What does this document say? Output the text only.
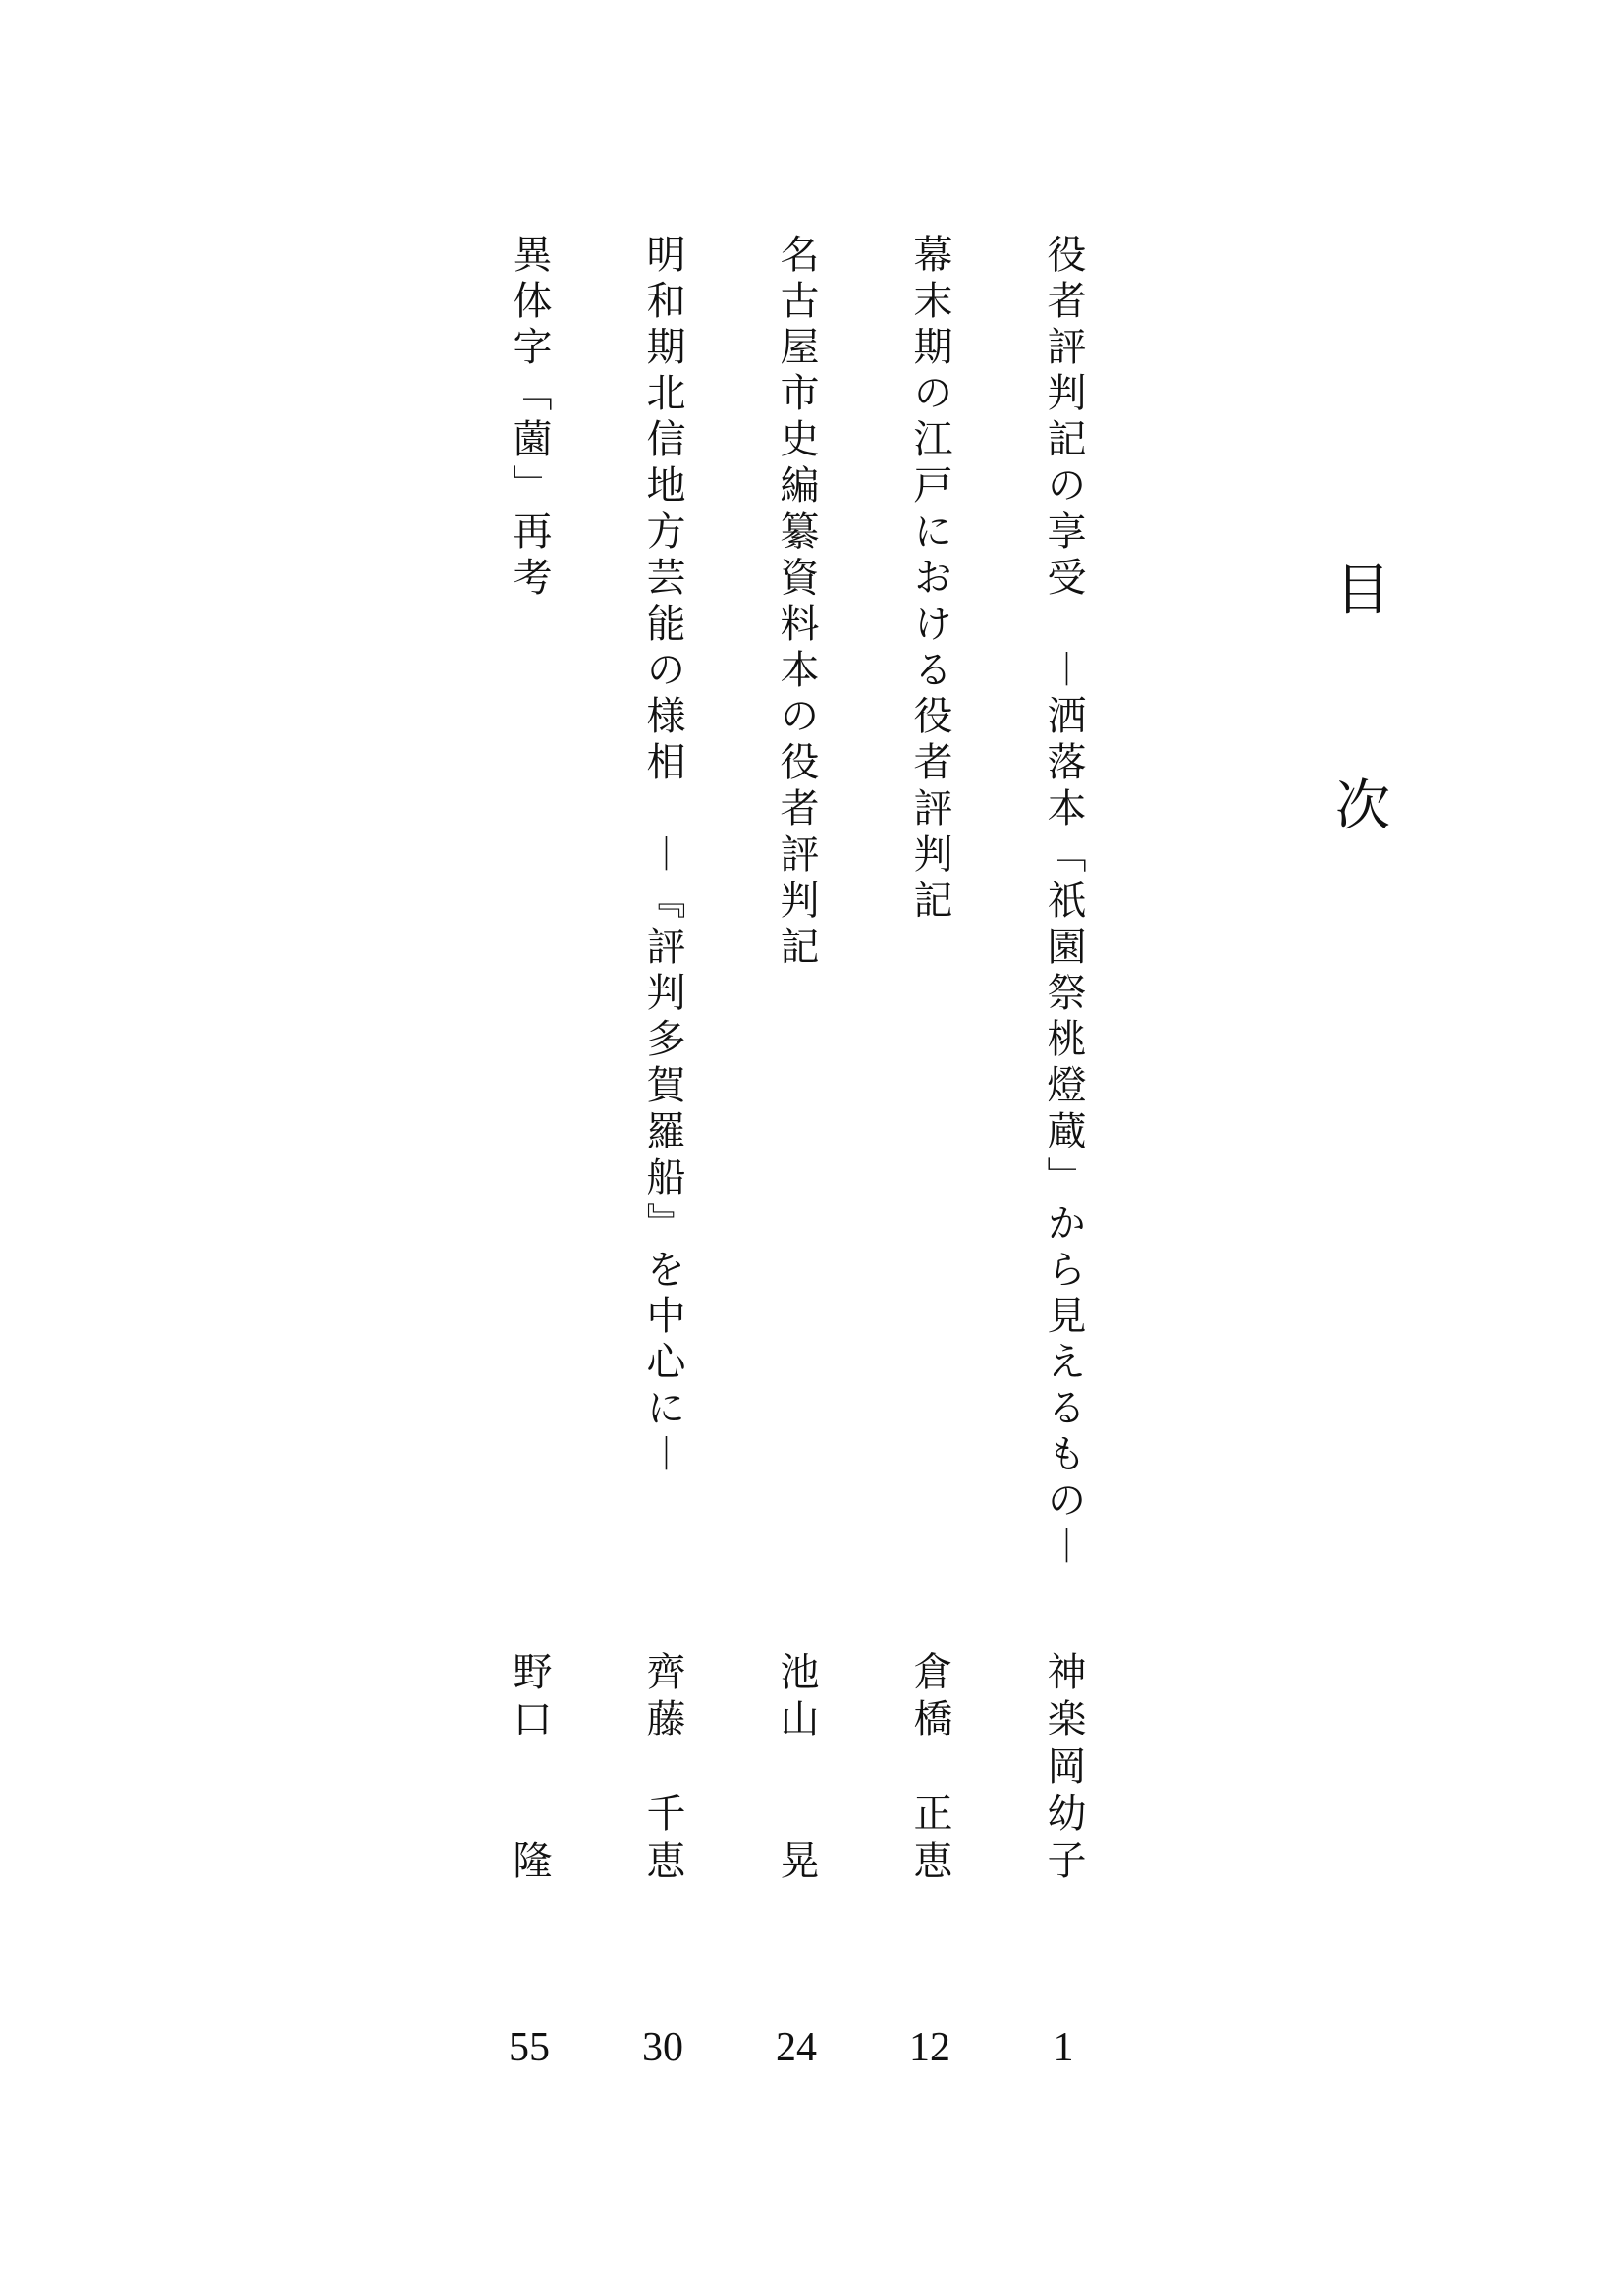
目
次
役者評判記の享受　︱洒落本「祇園祭桃燈蔵」から見えるもの︱
神楽岡幼子
1
幕末期の江戸における役者評判記
倉橋　正恵
12
名古屋市史編纂資料本の役者評判記
池山　　晃
24
明和期北信地方芸能の様相　︱『評判多賀羅船』を中心に︱
齊藤　千恵
30
異体字「薗」再考
野口　　隆
55
